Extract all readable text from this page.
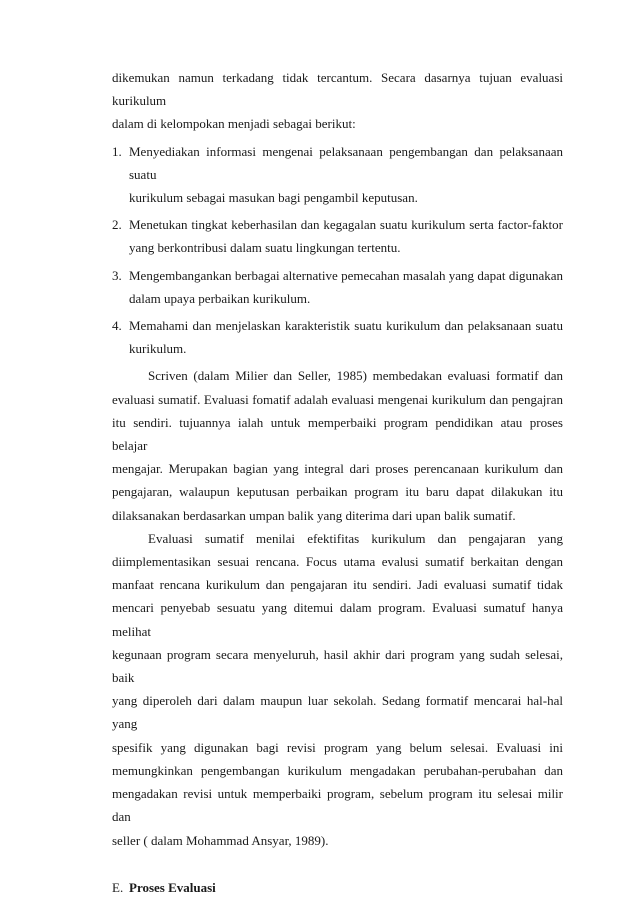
dikemukan namun terkadang tidak tercantum. Secara dasarnya tujuan evaluasi kurikulum

dalam di kelompokan menjadi sebagai berikut:

1. Menyediakan informasi mengenai pelaksanaan pengembangan dan pelaksanaan suatu
kurikulum sebagai masukan bagi pengambil keputusan.
2. Menetukan tingkat keberhasilan dan kegagalan suatu kurikulum serta factor-faktor
yang berkontribusi dalam suatu lingkungan tertentu.
3. Mengembangankan berbagai alternative pemecahan masalah yang dapat digunakan
dalam upaya perbaikan kurikulum.
4. Memahami dan menjelaskan karakteristik suatu kurikulum dan pelaksanaan suatu
kurikulum.

Scriven (dalam Milier dan Seller, 1985) membedakan evaluasi formatif dan

evaluasi sumatif. Evaluasi fomatif adalah evaluasi mengenai kurikulum dan pengajran

itu sendiri. tujuannya ialah untuk memperbaiki program pendidikan atau proses belajar

mengajar. Merupakan bagian yang integral dari proses perencanaan kurikulum dan

pengajaran, walaupun keputusan perbaikan program itu baru dapat dilakukan itu

dilaksanakan berdasarkan umpan balik yang diterima dari upan balik sumatif.

Evaluasi sumatif menilai efektifitas kurikulum dan pengajaran yang

diimplementasikan sesuai rencana. Focus utama evalusi sumatif berkaitan dengan

manfaat rencana kurikulum dan pengajaran itu sendiri. Jadi evaluasi sumatif tidak

mencari penyebab sesuatu yang ditemui dalam program. Evaluasi sumatuf hanya melihat

kegunaan program secara menyeluruh, hasil akhir dari program yang sudah selesai, baik

yang diperoleh dari dalam maupun luar sekolah. Sedang formatif mencarai hal-hal yang

spesifik yang digunakan bagi revisi program yang belum selesai. Evaluasi ini

memungkinkan pengembangan kurikulum mengadakan perubahan-perubahan dan

mengadakan revisi untuk memperbaiki program, sebelum program itu selesai milir dan

seller ( dalam Mohammad Ansyar, 1989).

E. Proses Evaluasi
